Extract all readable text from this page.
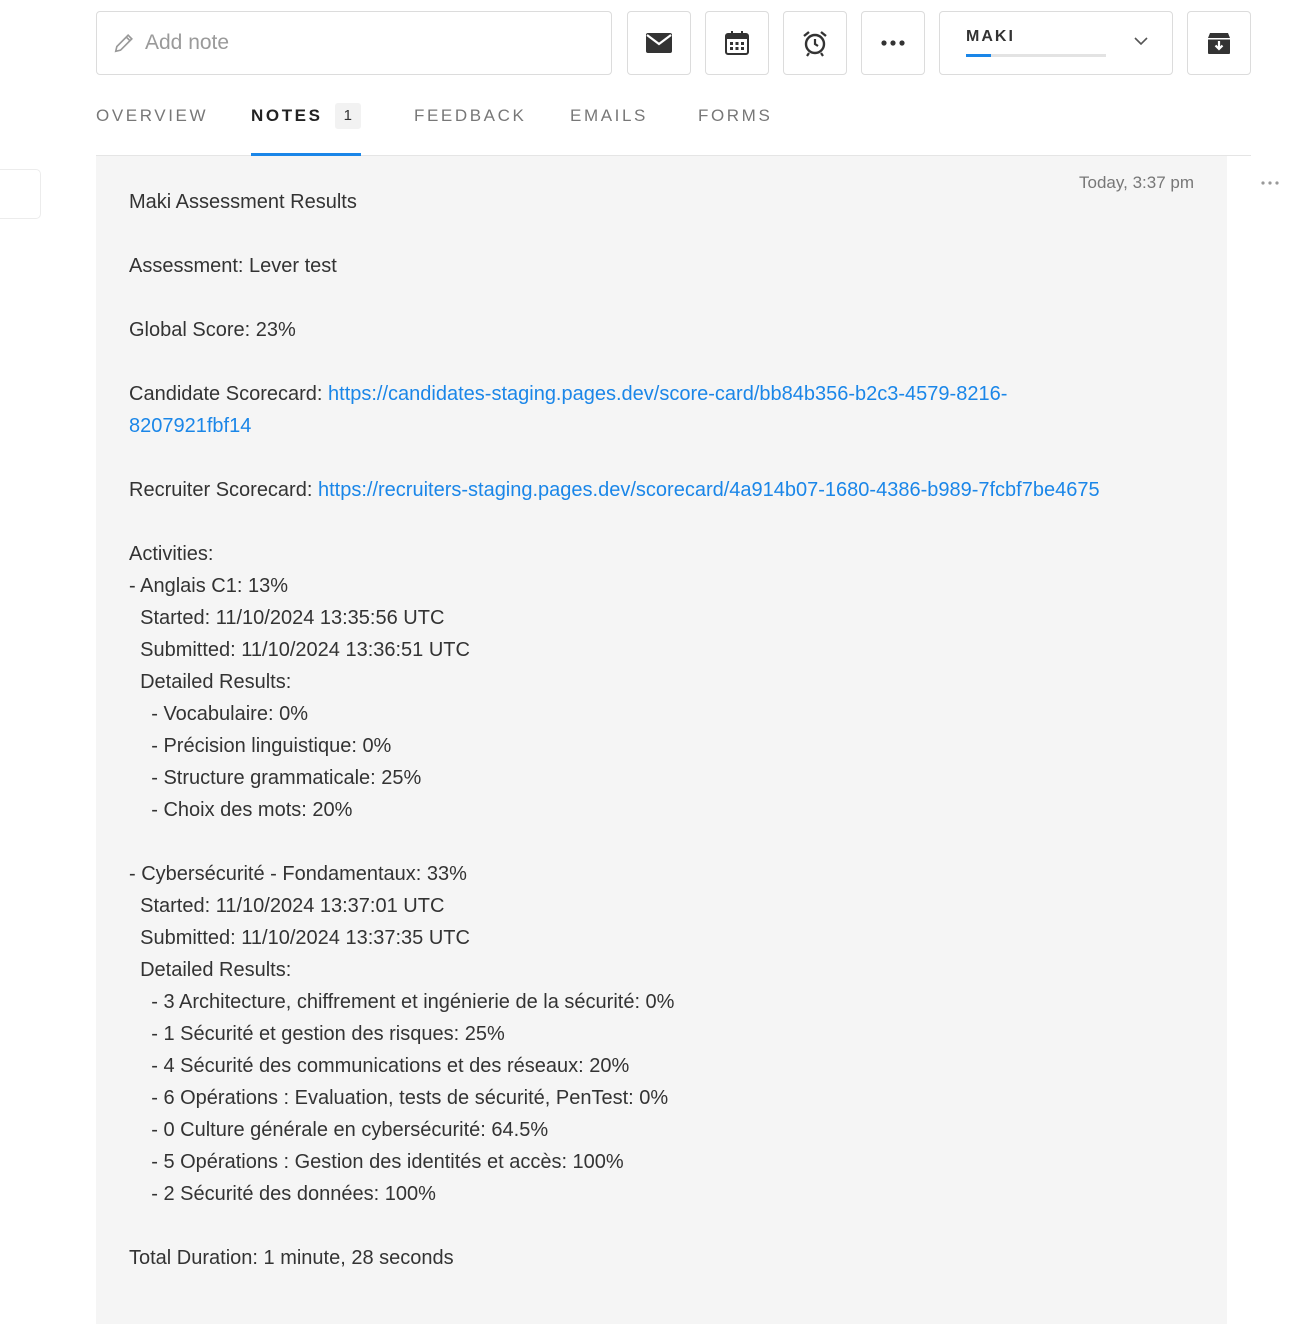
Add note
MAKI
OVERVIEW	NOTES	1	FEEDBACK	EMAILS	FORMS
Today, 3:37 pm
Maki Assessment Results
Assessment: Lever test
Global Score: 23%
Candidate Scorecard: https://candidates-staging.pages.dev/score-card/bb84b356-b2c3-4579-8216-8207921fbf14
Recruiter Scorecard: https://recruiters-staging.pages.dev/scorecard/4a914b07-1680-4386-b989-7fcbf7be4675
Activities:
- Anglais C1: 13%
Started: 11/10/2024 13:35:56 UTC
Submitted: 11/10/2024 13:36:51 UTC
Detailed Results:
- Vocabulaire: 0%
- Précision linguistique: 0%
- Structure grammaticale: 25%
- Choix des mots: 20%
- Cybersécurité - Fondamentaux: 33%
Started: 11/10/2024 13:37:01 UTC
Submitted: 11/10/2024 13:37:35 UTC
Detailed Results:
- 3 Architecture, chiffrement et ingénierie de la sécurité: 0%
- 1 Sécurité et gestion des risques: 25%
- 4 Sécurité des communications et des réseaux: 20%
- 6 Opérations : Evaluation, tests de sécurité, PenTest: 0%
- 0 Culture générale en cybersécurité: 64.5%
- 5 Opérations : Gestion des identités et accès: 100%
- 2 Sécurité des données: 100%
Total Duration: 1 minute, 28 seconds
